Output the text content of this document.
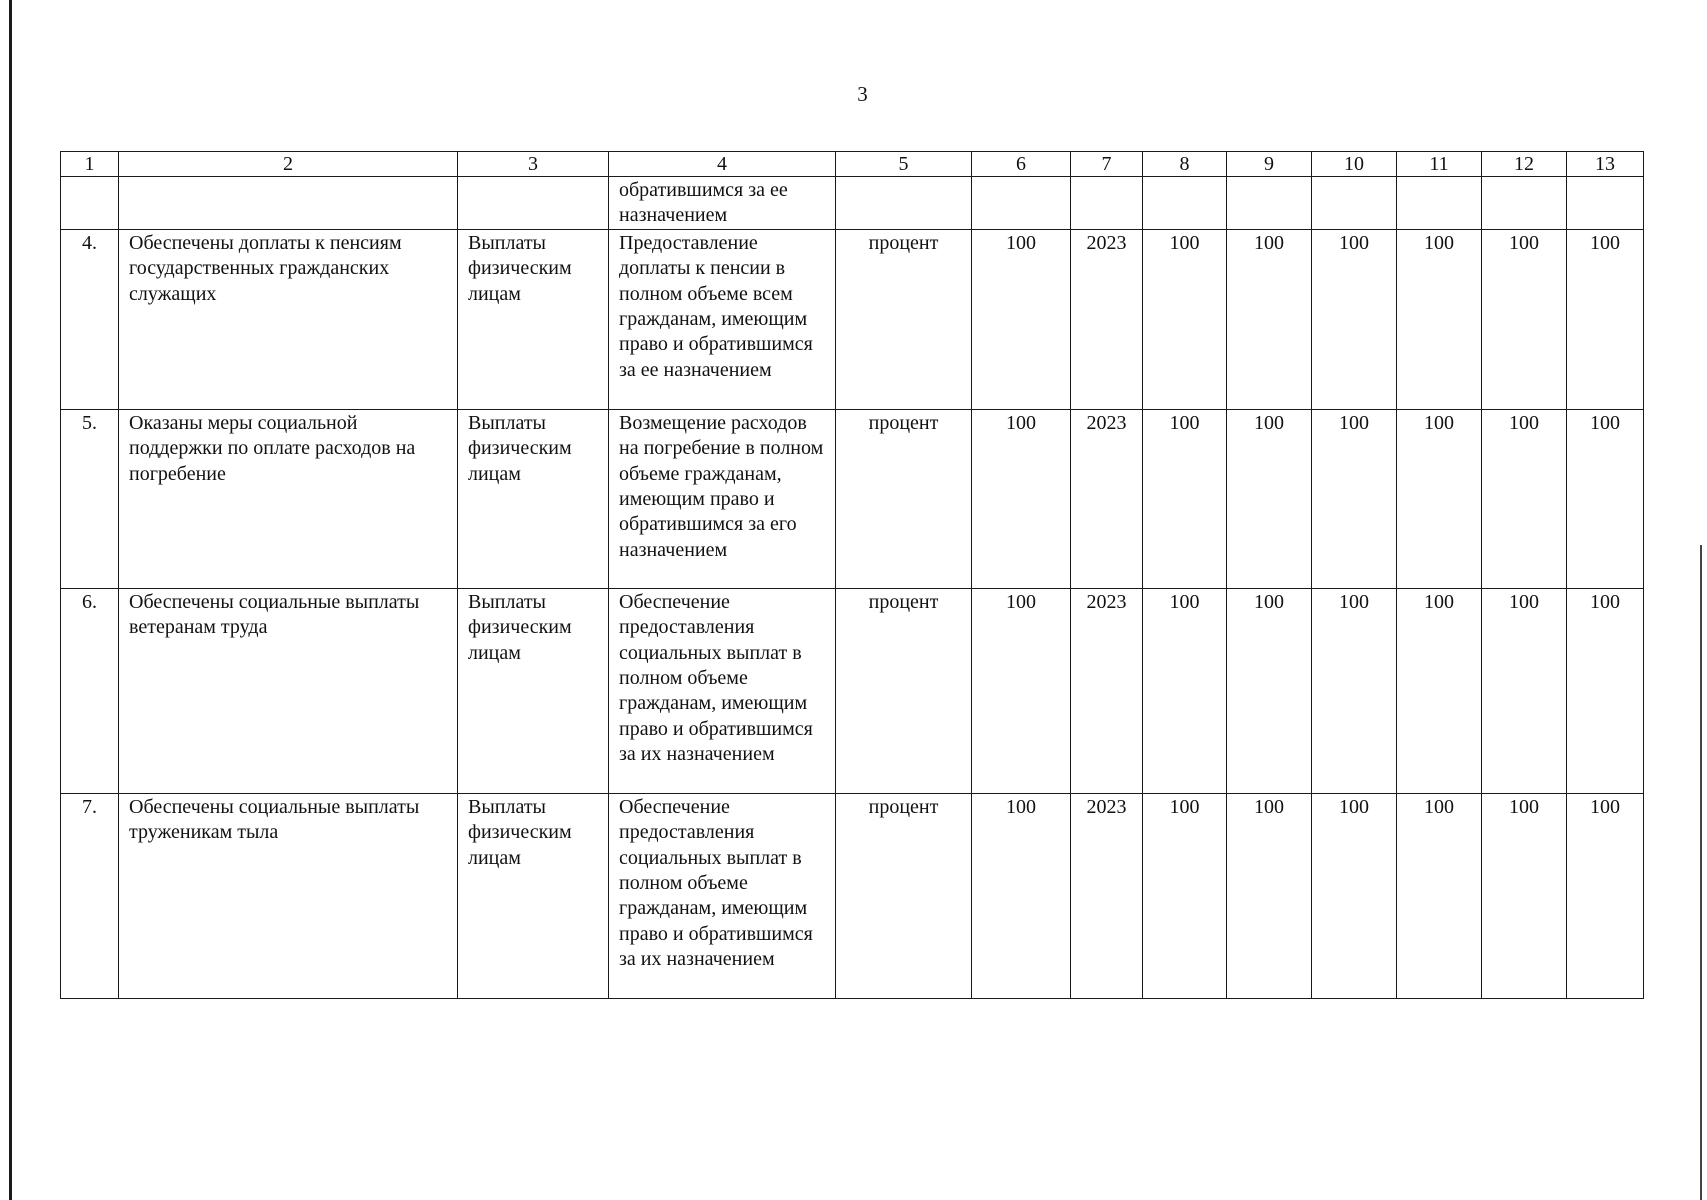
3
1	2	3	4	5	6	7	8	9	10	11	12	13
			обратившимся за ее назначением									
4.	Обеспечены доплаты к пенсиям государственных гражданских служащих	Выплаты физическим лицам	Предоставление доплаты к пенсии в полном объеме всем гражданам, имеющим право и обратившимся за ее назначением	процент	100	2023	100	100	100	100	100	100
5.	Оказаны меры социальной поддержки по оплате расходов на погребение	Выплаты физическим лицам	Возмещение расходов на погребение в полном объеме гражданам, имеющим право и обратившимся за его назначением	процент	100	2023	100	100	100	100	100	100
6.	Обеспечены социальные выплаты ветеранам труда	Выплаты физическим лицам	Обеспечение предоставления социальных выплат в полном объеме гражданам, имеющим право и обратившимся за их назначением	процент	100	2023	100	100	100	100	100	100
7.	Обеспечены социальные выплаты труженикам тыла	Выплаты физическим лицам	Обеспечение предоставления социальных выплат в полном объеме гражданам, имеющим право и обратившимся за их назначением	процент	100	2023	100	100	100	100	100	100
